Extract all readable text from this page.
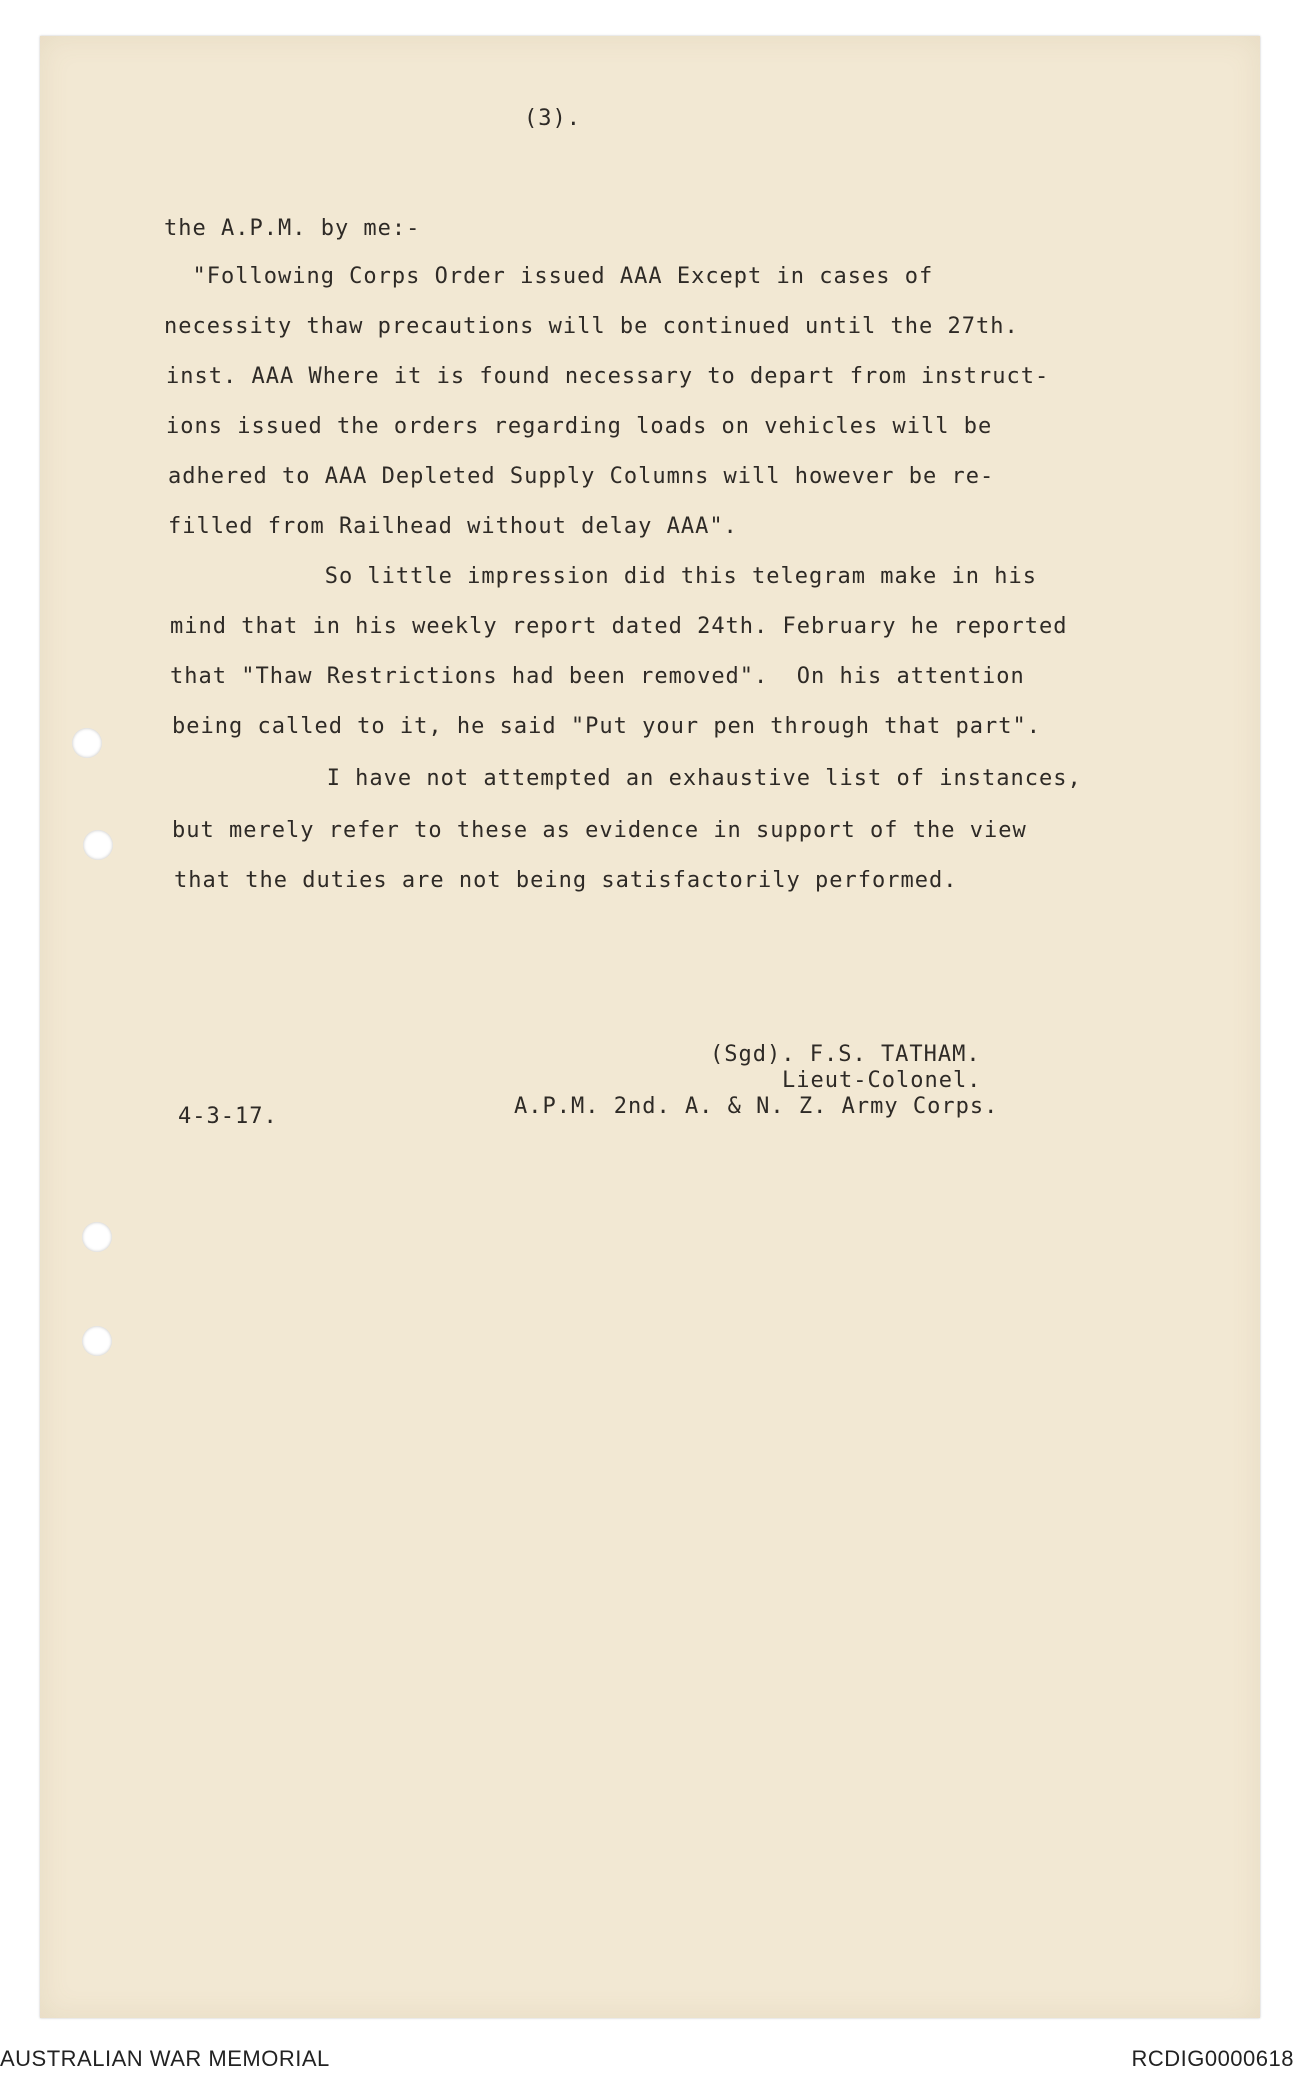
(3).
the A.P.M. by me:-
"Following Corps Order issued AAA Except in cases of
necessity thaw precautions will be continued until the 27th.
inst. AAA Where it is found necessary to depart from instruct-
ions issued the orders regarding loads on vehicles will be
adhered to AAA Depleted Supply Columns will however be re-
filled from Railhead without delay AAA".
So little impression did this telegram make in his
mind that in his weekly report dated 24th. February he reported
that "Thaw Restrictions had been removed".  On his attention
being called to it, he said "Put your pen through that part".
I have not attempted an exhaustive list of instances,
but merely refer to these as evidence in support of the view
that the duties are not being satisfactorily performed.
(Sgd). F.S. TATHAM.
Lieut-Colonel.
A.P.M. 2nd. A. & N. Z. Army Corps.
4-3-17.
AUSTRALIAN WAR MEMORIAL	RCDIG0000618
